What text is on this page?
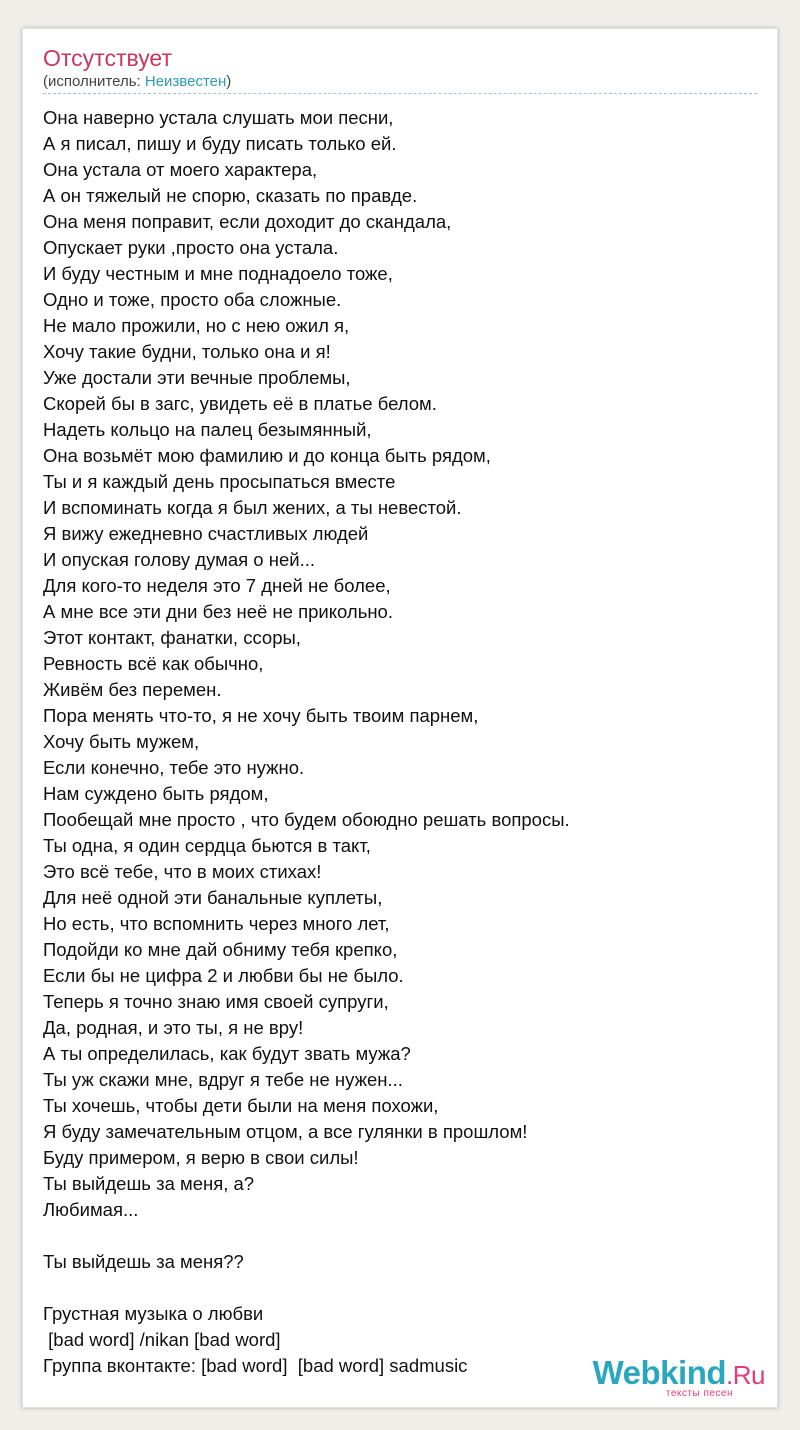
Отсутствует
(исполнитель: Неизвестен)
Она наверно устала слушать мои песни,
А я писал, пишу и буду писать только ей.
Она устала от моего характера,
А он тяжелый не спорю, сказать по правде.
Она меня поправит, если доходит до скандала,
Опускает руки ,просто она устала.
И буду честным и мне поднадоело тоже,
Одно и тоже, просто оба сложные.
Не мало прожили, но с нею ожил я,
Хочу такие будни, только она и я!
Уже достали эти вечные проблемы,
Скорей бы в загс, увидеть её в платье белом.
Надеть кольцо на палец безымянный,
Она возьмёт мою фамилию и до конца быть рядом,
Ты и я каждый день просыпаться вместе
И вспоминать когда я был жених, а ты невестой.
Я вижу ежедневно счастливых людей
И опуская голову думая о ней...
Для кого-то неделя это 7 дней не более,
А мне все эти дни без неё не прикольно.
Этот контакт, фанатки, ссоры,
Ревность всё как обычно,
Живём без перемен.
Пора менять что-то, я не хочу быть твоим парнем,
Хочу быть мужем,
Если конечно, тебе это нужно.
Нам суждено быть рядом,
Пообещай мне просто , что будем обоюдно решать вопросы.
Ты одна, я один сердца бьются в такт,
Это всё тебе, что в моих стихах!
Для неё одной эти банальные куплеты,
Но есть, что вспомнить через много лет,
Подойди ко мне дай обниму тебя крепко,
Если бы не цифра 2 и любви бы не было.
Теперь я точно знаю имя своей супруги,
Да, родная, и это ты, я не вру!
А ты определилась, как будут звать мужа?
Ты уж скажи мне, вдруг я тебе не нужен...
Ты хочешь, чтобы дети были на меня похожи,
Я буду замечательным отцом, а все гулянки в прошлом!
Буду примером, я верю в свои силы!
Ты выйдешь за меня, а?
Любимая...
Ты выйдешь за меня??
Грустная музыка о любви
[bad word] /nikan [bad word]
Группа вконтакте: [bad word]  [bad word] sadmusic	Webkind.Ru
тексты песен
